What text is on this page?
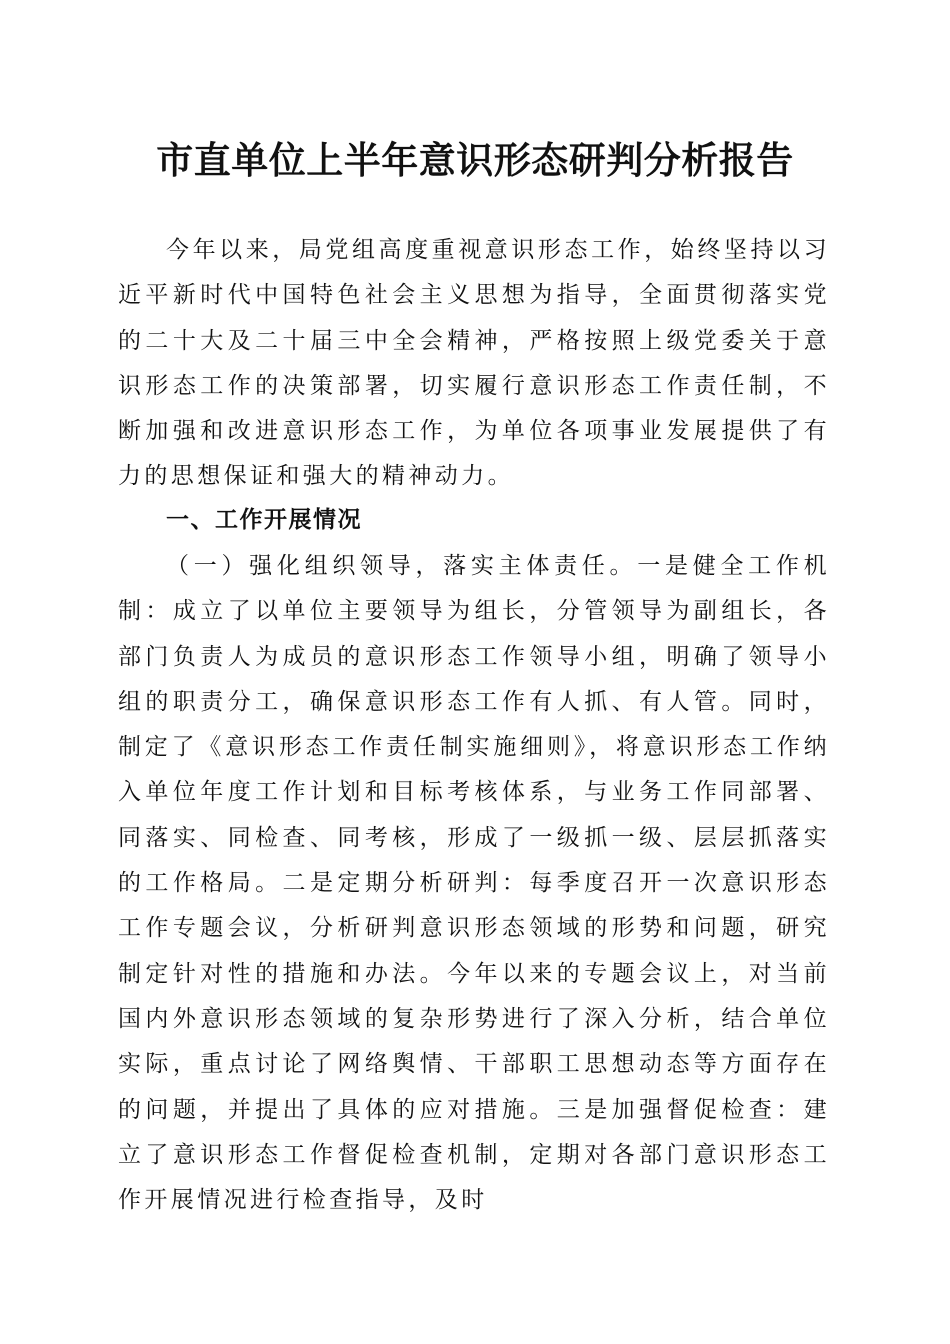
市直单位上半年意识形态研判分析报告

今年以来，局党组高度重视意识形态工作，始终坚持以习近平新时代中国特色社会主义思想为指导，全面贯彻落实党的二十大及二十届三中全会精神，严格按照上级党委关于意识形态工作的决策部署，切实履行意识形态工作责任制，不断加强和改进意识形态工作，为单位各项事业发展提供了有力的思想保证和强大的精神动力。

一、工作开展情况

（一）强化组织领导，落实主体责任。一是健全工作机制：成立了以单位主要领导为组长，分管领导为副组长，各部门负责人为成员的意识形态工作领导小组，明确了领导小组的职责分工，确保意识形态工作有人抓、有人管。同时，制定了《意识形态工作责任制实施细则》，将意识形态工作纳入单位年度工作计划和目标考核体系，与业务工作同部署、同落实、同检查、同考核，形成了一级抓一级、层层抓落实的工作格局。二是定期分析研判：每季度召开一次意识形态工作专题会议，分析研判意识形态领域的形势和问题，研究制定针对性的措施和办法。今年以来的专题会议上，对当前国内外意识形态领域的复杂形势进行了深入分析，结合单位实际，重点讨论了网络舆情、干部职工思想动态等方面存在的问题，并提出了具体的应对措施。三是加强督促检查：建立了意识形态工作督促检查机制，定期对各部门意识形态工作开展情况进行检查指导，及时
